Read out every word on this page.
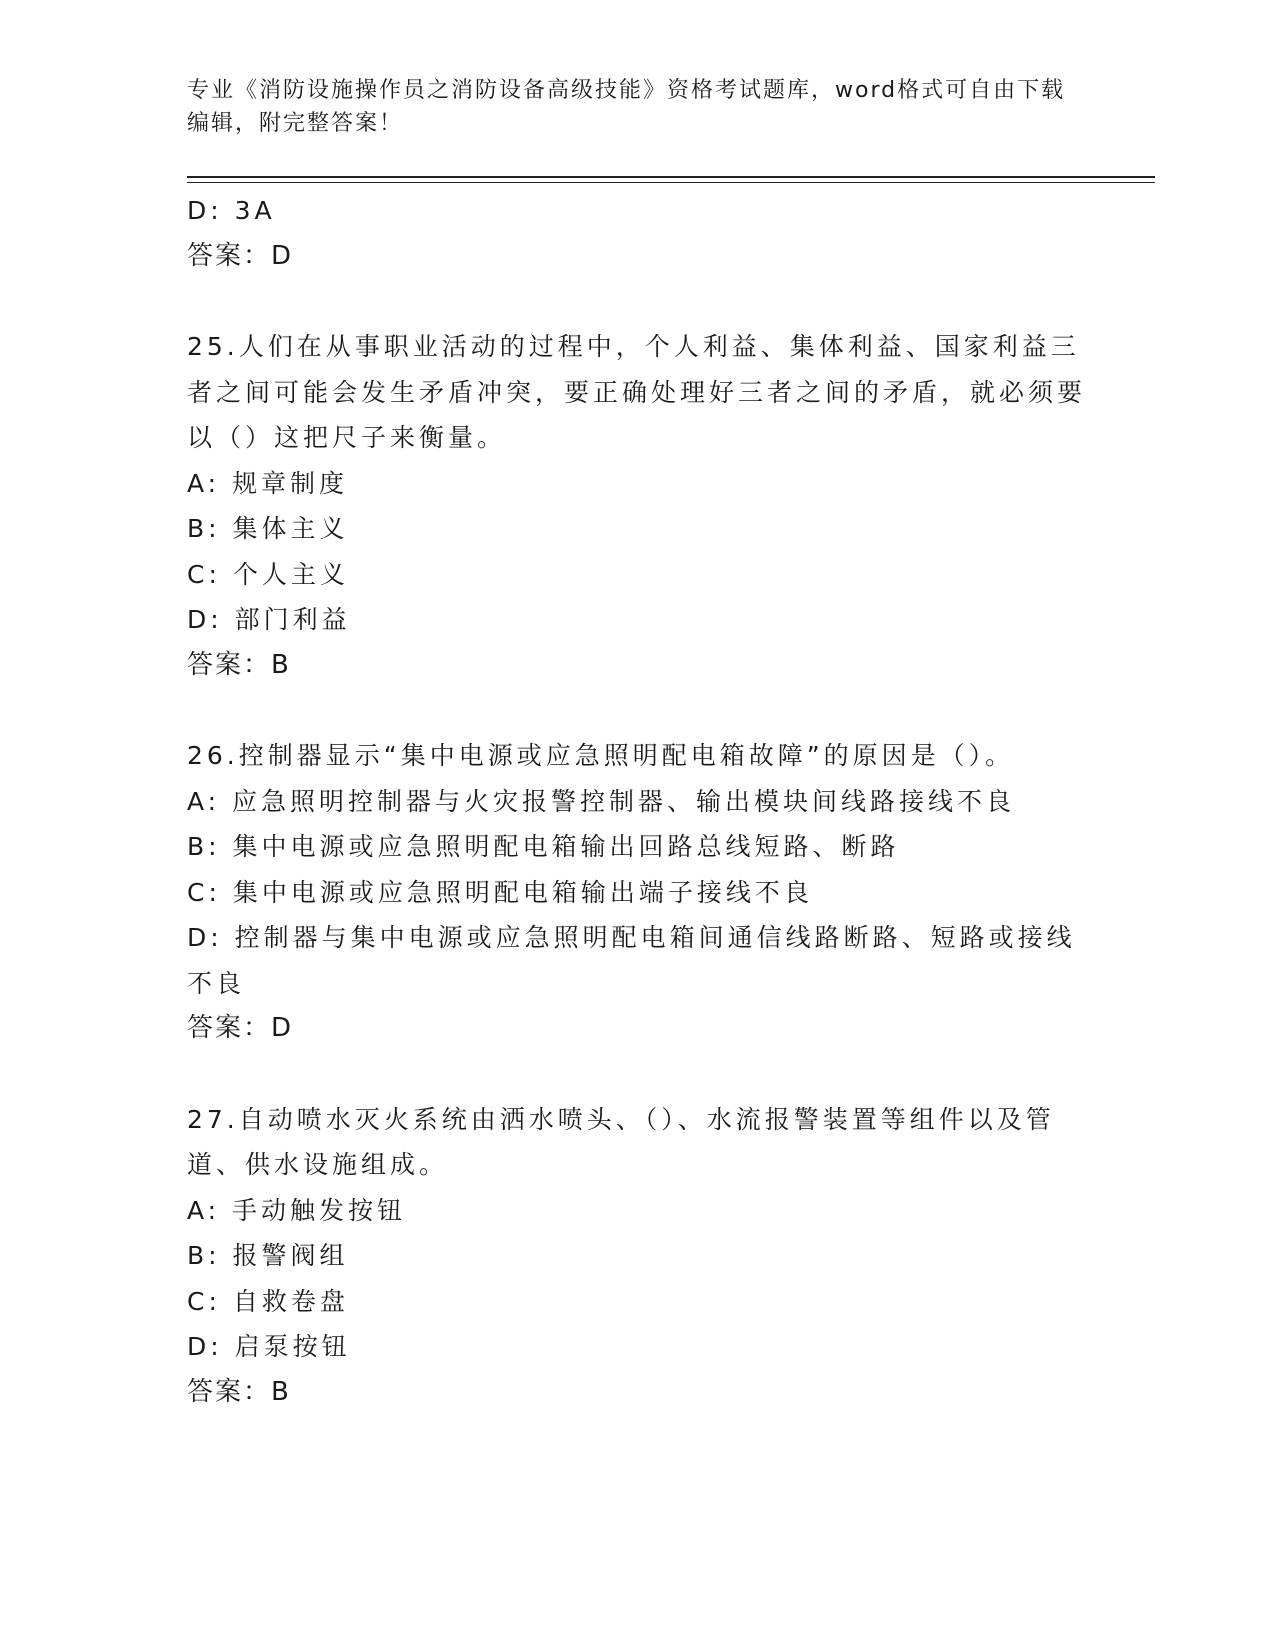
专业《消防设施操作员之消防设备高级技能》资格考试题库，word格式可自由下载编辑，附完整答案！

D: 3A

答案：D

25.人们在从事职业活动的过程中，个人利益、集体利益、国家利益三者之间可能会发生矛盾冲突，要正确处理好三者之间的矛盾，就必须要以（）这把尺子来衡量。

A: 规章制度

B: 集体主义

C: 个人主义

D: 部门利益

答案：B

26.控制器显示“集中电源或应急照明配电箱故障”的原因是（）。

A: 应急照明控制器与火灾报警控制器、输出模块间线路接线不良

B: 集中电源或应急照明配电箱输出回路总线短路、断路

C: 集中电源或应急照明配电箱输出端子接线不良

D: 控制器与集中电源或应急照明配电箱间通信线路断路、短路或接线不良

答案：D

27.自动喷水灭火系统由洒水喷头、（）、水流报警装置等组件以及管道、供水设施组成。

A: 手动触发按钮

B: 报警阀组

C: 自救卷盘

D: 启泵按钮

答案：B
